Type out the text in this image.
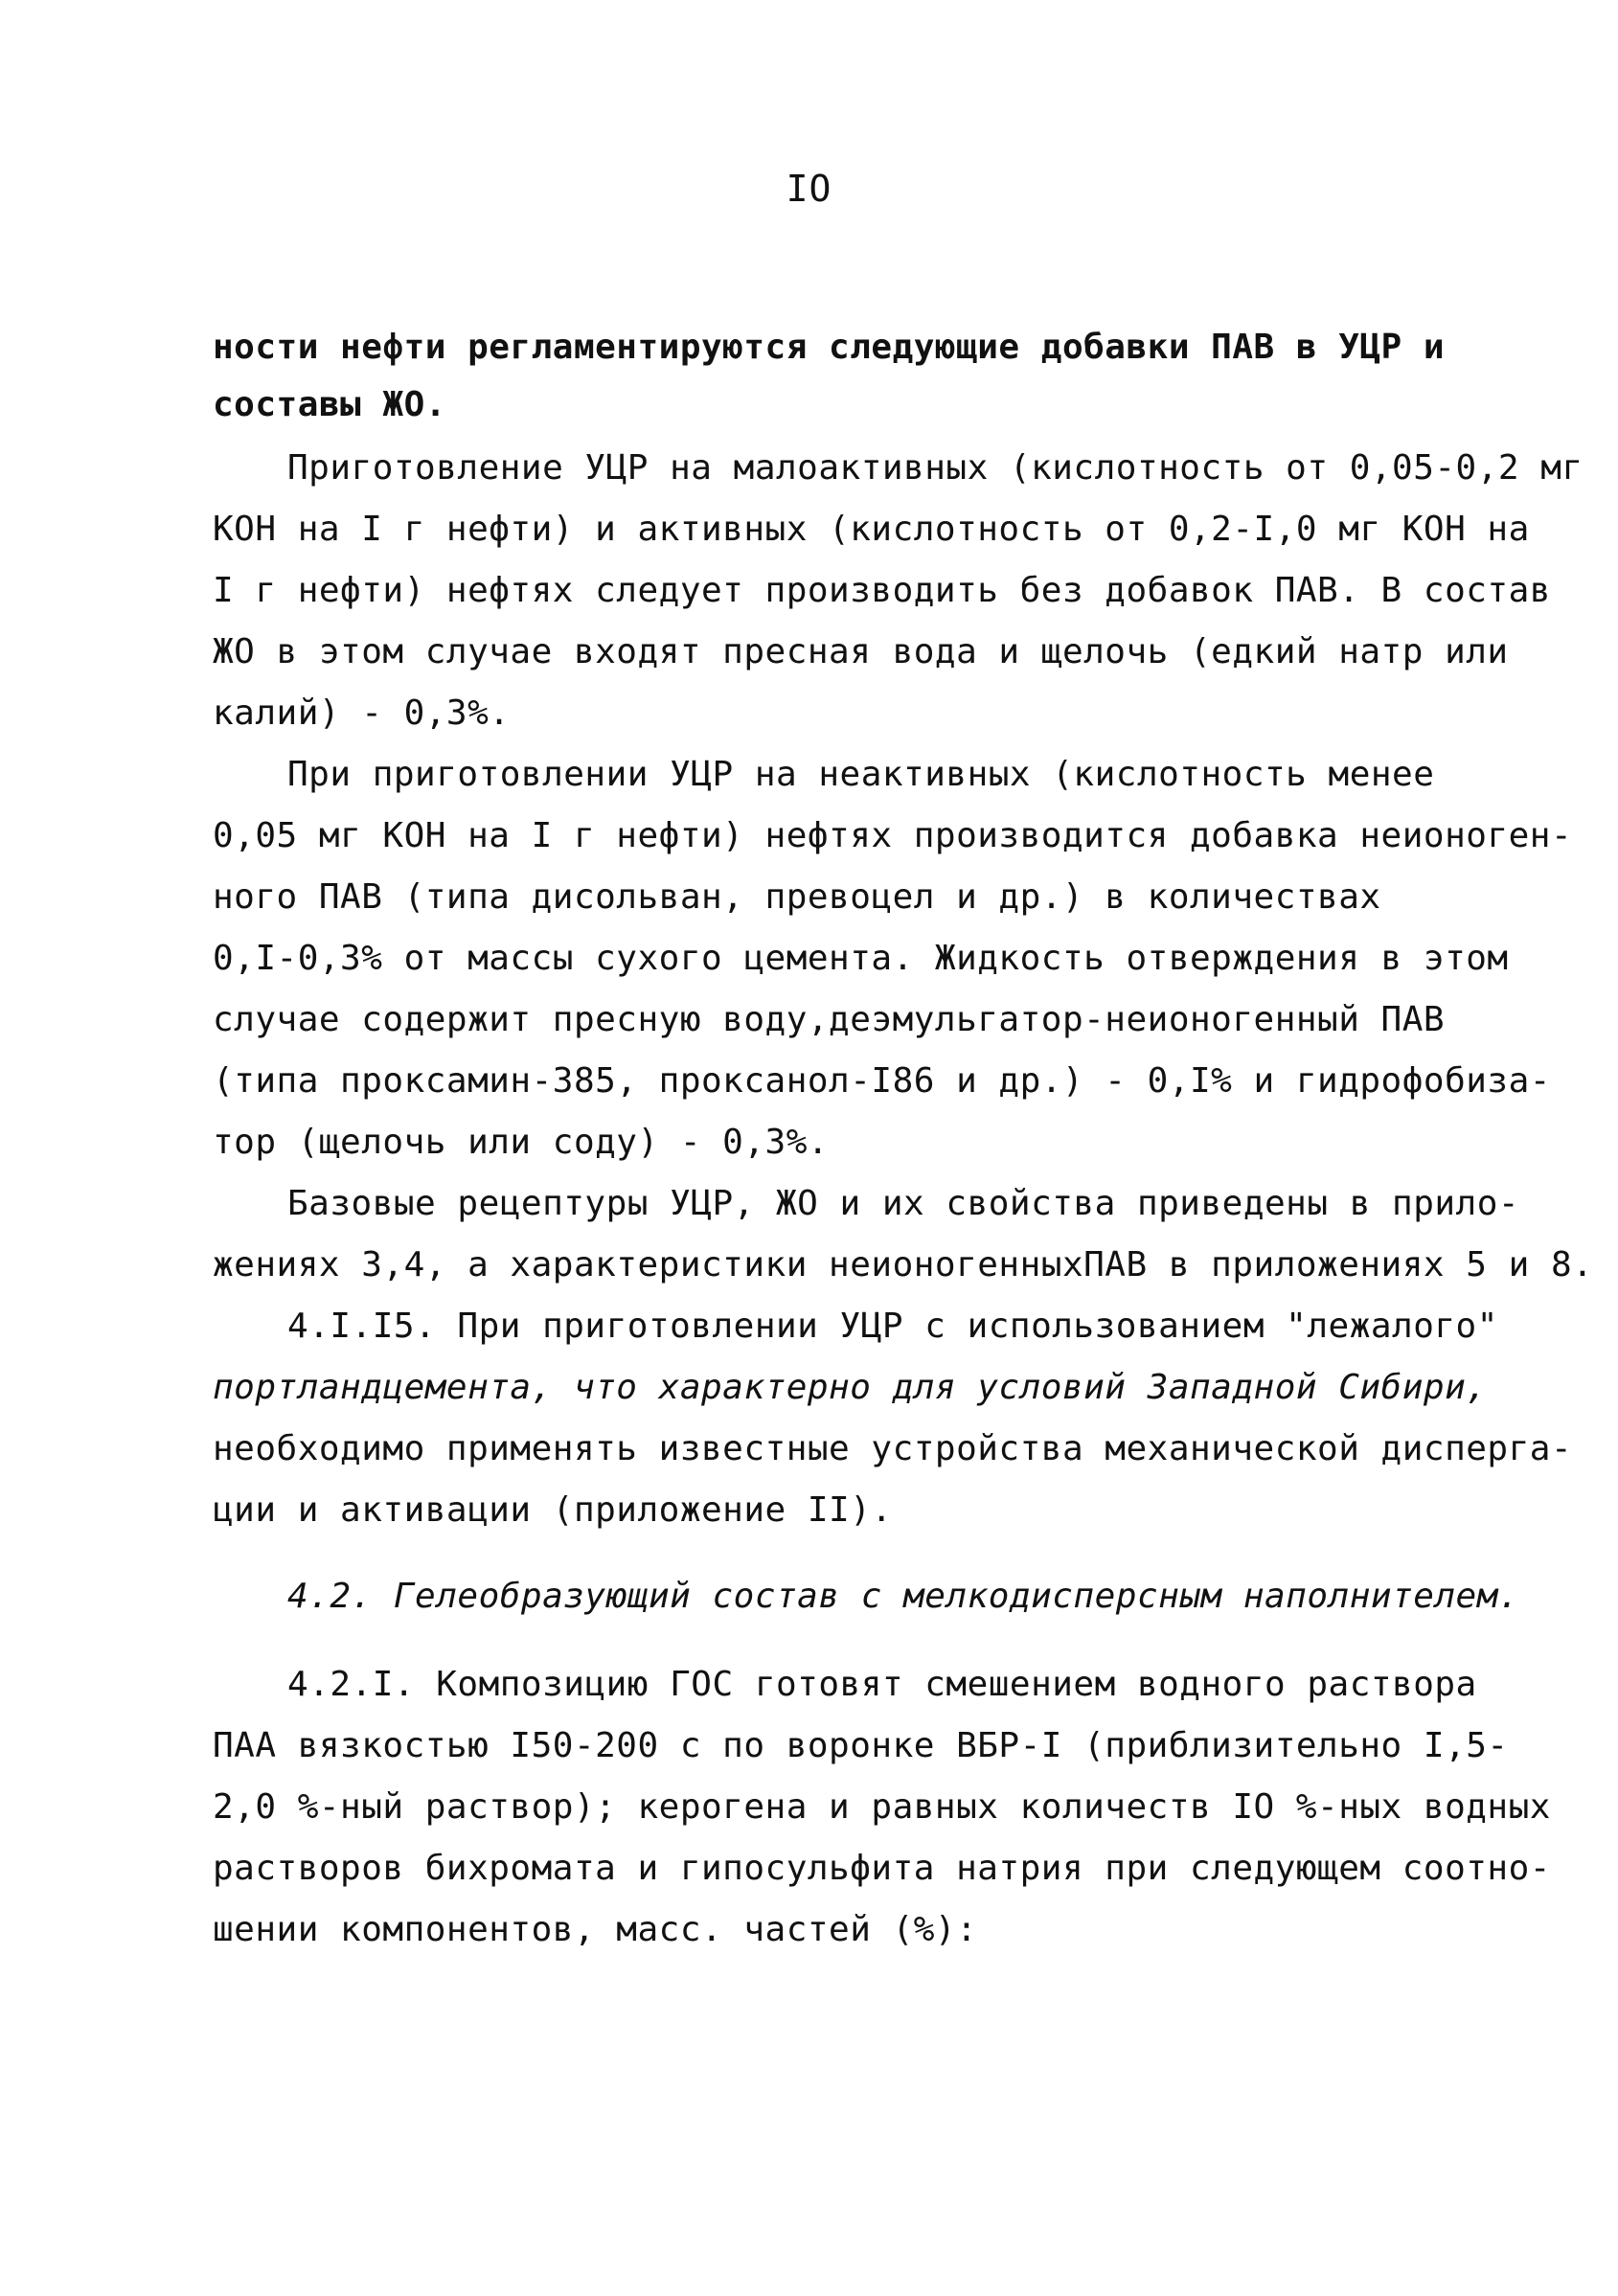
IO
ности нефти регламентируются следующие добавки ПАВ в УЦР и
составы ЖО.
Приготовление УЦР на малоактивных (кислотность от 0,05-0,2 мг
КОН на I г нефти) и активных (кислотность от 0,2-I,0 мг КОН на
I г нефти) нефтях следует производить без добавок ПАВ. В состав
ЖО в этом случае входят пресная вода и щелочь (едкий натр или
калий) - 0,3%.
При приготовлении УЦР на неактивных (кислотность менее
0,05 мг КОН на I г нефти) нефтях производится добавка неионоген-
ного ПАВ (типа дисольван, превоцел и др.) в количествах
0,I-0,3% от массы сухого цемента. Жидкость отверждения в этом
случае содержит пресную воду,деэмульгатор-неионогенный ПАВ
(типа проксамин-385, проксанол-I86 и др.) - 0,I% и гидрофобиза-
тор (щелочь или соду) - 0,3%.
Базовые рецептуры УЦР, ЖО и их свойства приведены в прило-
жениях 3,4, а характеристики неионогенныхПАВ в приложениях 5 и 8.
4.I.I5. При приготовлении УЦР с использованием "лежалого"
портландцемента, что характерно для условий Западной Сибири,
необходимо применять известные устройства механической дисперга-
ции и активации (приложение II).
4.2. Гелеобразующий состав с мелкодисперсным наполнителем.
4.2.I. Композицию ГОС готовят смешением водного раствора
ПАА вязкостью I50-200 с по воронке ВБР-I (приблизительно I,5-
2,0 %-ный раствор); керогена и равных количеств IO %-ных водных
растворов бихромата и гипосульфита натрия при следующем соотно-
шении компонентов, масс. частей (%):
